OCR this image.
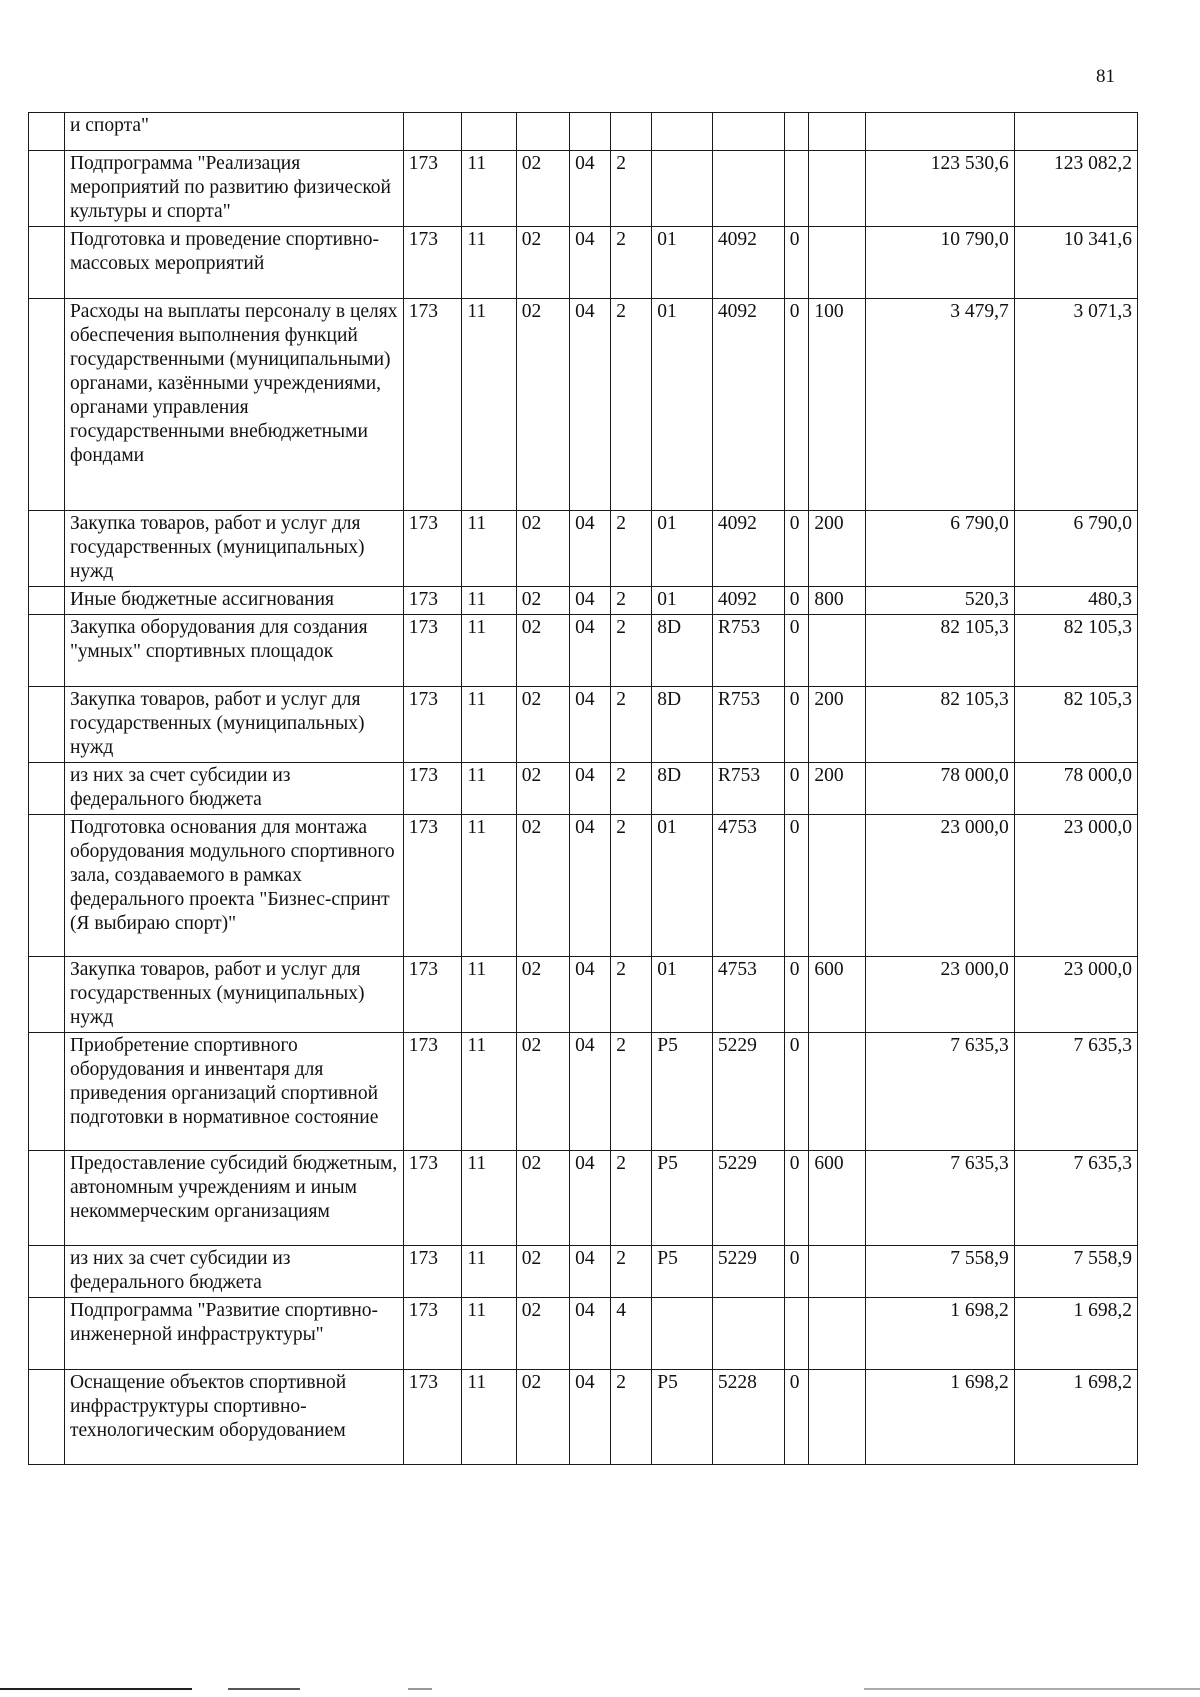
81
	и спорта"											
	Подпрограмма "Реализация мероприятий по развитию физической культуры и спорта"	173	11	02	04	2					123 530,6	123 082,2
	Подготовка и проведение спортивно-массовых мероприятий	173	11	02	04	2	01	4092	0		10 790,0	10 341,6
	Расходы на выплаты персоналу в целях обеспечения выполнения функций государственными (муниципальными) органами, казёнными учреждениями, органами управления государственными внебюджетными фондами	173	11	02	04	2	01	4092	0	100	3 479,7	3 071,3
	Закупка товаров, работ и услуг для государственных (муниципальных) нужд	173	11	02	04	2	01	4092	0	200	6 790,0	6 790,0
	Иные бюджетные ассигнования	173	11	02	04	2	01	4092	0	800	520,3	480,3
	Закупка оборудования для создания "умных" спортивных площадок	173	11	02	04	2	8D	R753	0		82 105,3	82 105,3
	Закупка товаров, работ и услуг для государственных (муниципальных) нужд	173	11	02	04	2	8D	R753	0	200	82 105,3	82 105,3
	из них за счет субсидии из федерального бюджета	173	11	02	04	2	8D	R753	0	200	78 000,0	78 000,0
	Подготовка основания для монтажа оборудования модульного спортивного зала, создаваемого в рамках федерального проекта "Бизнес-спринт (Я выбираю спорт)"	173	11	02	04	2	01	4753	0		23 000,0	23 000,0
	Закупка товаров, работ и услуг для государственных (муниципальных) нужд	173	11	02	04	2	01	4753	0	600	23 000,0	23 000,0
	Приобретение спортивного оборудования и инвентаря для приведения организаций спортивной подготовки в нормативное состояние	173	11	02	04	2	P5	5229	0		7 635,3	7 635,3
	Предоставление субсидий бюджетным, автономным учреждениям и иным некоммерческим организациям	173	11	02	04	2	P5	5229	0	600	7 635,3	7 635,3
	из них за счет субсидии из федерального бюджета	173	11	02	04	2	P5	5229	0		7 558,9	7 558,9
	Подпрограмма "Развитие спортивно-инженерной инфраструктуры"	173	11	02	04	4					1 698,2	1 698,2
	Оснащение объектов спортивной инфраструктуры спортивно-технологическим оборудованием	173	11	02	04	2	P5	5228	0		1 698,2	1 698,2
